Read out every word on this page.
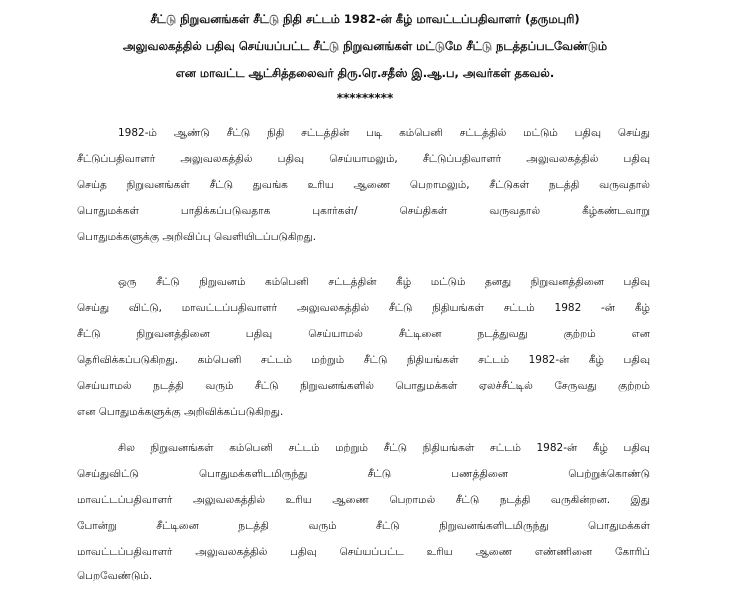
சீட்டு நிறுவனங்கள் சீட்டு நிதி சட்டம் 1982-ன் கீழ் மாவட்டப்பதிவாளர் (தருமபுரி)
அலுவலகத்தில் பதிவு செய்யப்பட்ட சீட்டு நிறுவனங்கள் மட்டுமே சீட்டு நடத்தப்படவேண்டும்
என மாவட்ட ஆட்சித்தலைவர் திரு.ரெ.சதீஸ் இ.ஆ.ப, அவர்கள் தகவல்.
*********
1982-ம் ஆண்டு சீட்டு நிதி சட்டத்தின் படி கம்பெனி சட்டத்தில் மட்டும் பதிவு செய்து
சீட்டுப்பதிவாளர் அலுவலகத்தில் பதிவு செய்யாமலும், சீட்டுப்பதிவாளர் அலுவலகத்தில் பதிவு
செய்த நிறுவனங்கள் சீட்டு துவங்க உரிய ஆணை பெறாமலும், சீட்டுகள் நடத்தி வருவதால்
பொதுமக்கள் பாதிக்கப்படுவதாக புகார்கள்/ செய்திகள் வருவதால் கீழ்கண்டவாறு
பொதுமக்களுக்கு அறிவிப்பு வெளியிடப்படுகிறது.
ஒரு சீட்டு நிறுவனம் கம்பெனி சட்டத்தின் கீழ் மட்டும் தனது நிறுவனத்தினை பதிவு
செய்து விட்டு, மாவட்டப்பதிவாளர் அலுவலகத்தில் சீட்டு நிதியங்கள் சட்டம் 1982 -ன் கீழ்
சீட்டு நிறுவனத்தினை பதிவு செய்யாமல் சீட்டினை நடத்துவது குற்றம் என
தெரிவிக்கப்படுகிறது. கம்பெனி சட்டம் மற்றும் சீட்டு நிதியங்கள் சட்டம் 1982-ன் கீழ் பதிவு
செய்யாமல் நடத்தி வரும் சீட்டு நிறுவனங்களில் பொதுமக்கள் ஏலச்சீட்டில் சேருவது குற்றம்
என பொதுமக்களுக்கு அறிவிக்கப்படுகிறது.
சில நிறுவனங்கள் கம்பெனி சட்டம் மற்றும் சீட்டு நிதியங்கள் சட்டம் 1982-ன் கீழ் பதிவு
செய்துவிட்டு பொதுமக்களிடமிருந்து சீட்டு பணத்தினை பெற்றுக்கொண்டு
மாவட்டப்பதிவாளர் அலுவலகத்தில் உரிய ஆணை பெறாமல் சீட்டு நடத்தி வருகின்றன. இது
போன்று சீட்டினை நடத்தி வரும் சீட்டு நிறுவனங்களிடமிருந்து பொதுமக்கள்
மாவட்டப்பதிவாளர் அலுவலகத்தில் பதிவு செய்யப்பட்ட உரிய ஆணை எண்ணினை கோரிப்
பெறவேண்டும்.
